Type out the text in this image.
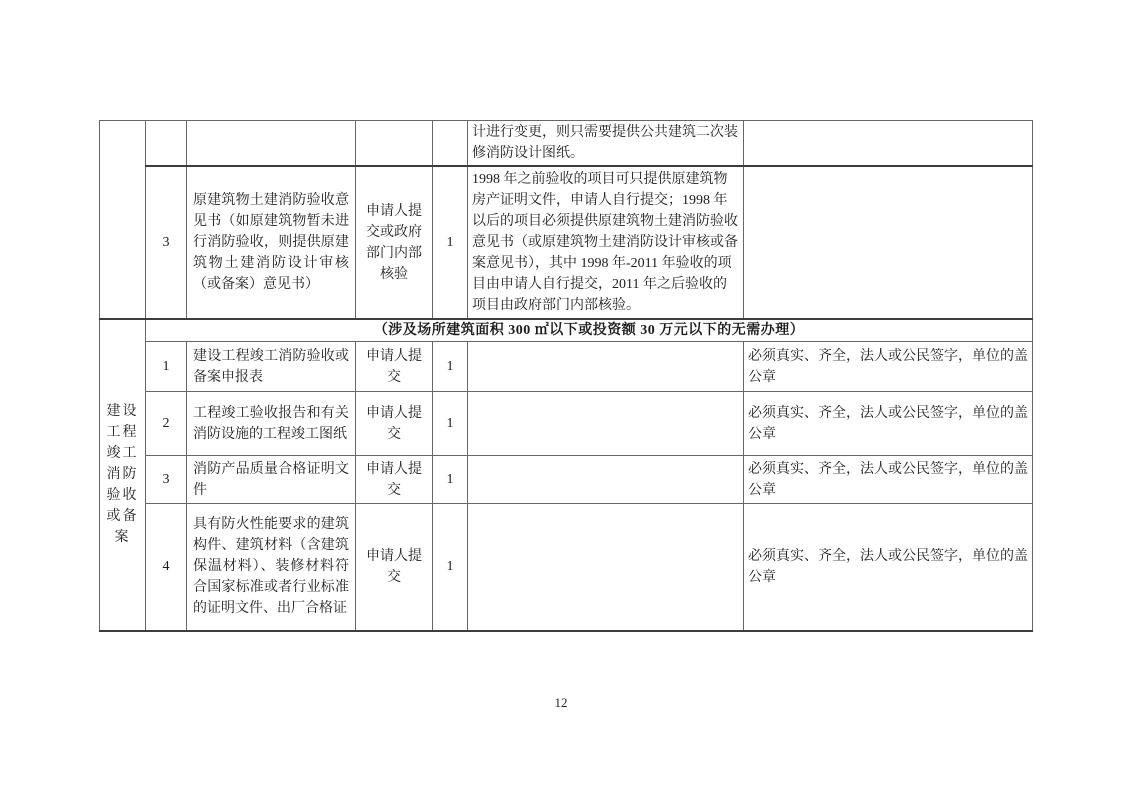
					计进行变更，则只需要提供公共建筑二次装修消防设计图纸。	
	3	原建筑物土建消防验收意见书（如原建筑物暂未进行消防验收，则提供原建筑物土建消防设计审核（或备案）意见书）	申请人提交或政府部门内部核验	1	1998 年之前验收的项目可只提供原建筑物房产证明文件，申请人自行提交；1998 年以后的项目必须提供原建筑物土建消防验收意见书（或原建筑物土建消防设计审核或备案意见书），其中 1998 年-2011 年验收的项目由申请人自行提交，2011 年之后验收的项目由政府部门内部核验。	
建设工程竣工消防验收或备案	（涉及场所建筑面积 300 ㎡以下或投资额 30 万元以下的无需办理）					
	1	建设工程竣工消防验收或备案申报表	申请人提交	1		必须真实、齐全，法人或公民签字，单位的盖公章
	2	工程竣工验收报告和有关消防设施的工程竣工图纸	申请人提交	1		必须真实、齐全，法人或公民签字，单位的盖公章
	3	消防产品质量合格证明文件	申请人提交	1		必须真实、齐全，法人或公民签字，单位的盖公章
	4	具有防火性能要求的建筑构件、建筑材料（含建筑保温材料）、装修材料符合国家标准或者行业标准的证明文件、出厂合格证	申请人提交	1		必须真实、齐全，法人或公民签字，单位的盖公章
12
